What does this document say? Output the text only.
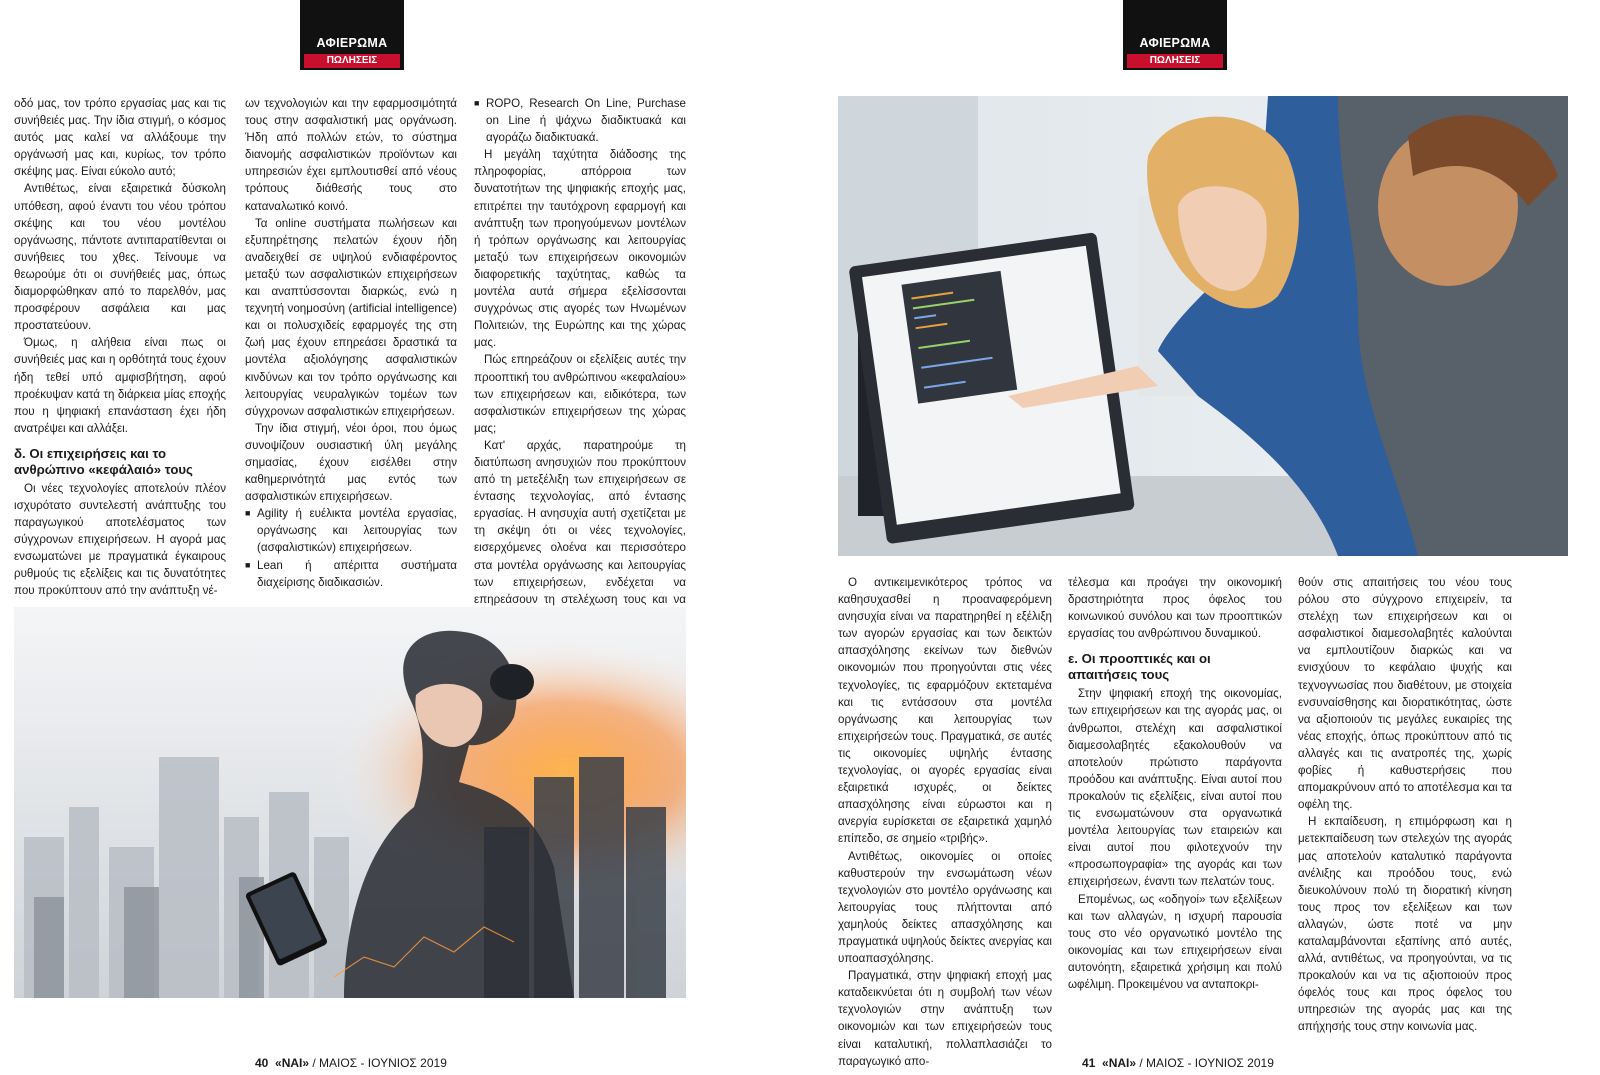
ΑΦΙΕΡΩΜΑ
ΠΩΛΗΣΕΙΣ

οδό μας, τον τρόπο εργασίας μας και τις συνήθειές μας. Την ίδια στιγμή, ο κόσμος αυτός μας καλεί να αλλάξουμε την οργάνωσή μας και, κυρίως, τον τρόπο σκέψης μας. Είναι εύκολο αυτό;

Αντιθέτως, είναι εξαιρετικά δύσκολη υπόθεση, αφού έναντι του νέου τρόπου σκέψης και του νέου μοντέλου οργάνωσης, πάντοτε αντιπαρατίθενται οι συνήθειες του χθες. Τείνουμε να θεωρούμε ότι οι συνήθειές μας, όπως διαμορφώθηκαν από το παρελθόν, μας προσφέρουν ασφάλεια και μας προστατεύουν.

Όμως, η αλήθεια είναι πως οι συνήθειές μας και η ορθότητά τους έχουν ήδη τεθεί υπό αμφισβήτηση, αφού προέκυψαν κατά τη διάρκεια μίας εποχής που η ψηφιακή επανάσταση έχει ήδη ανατρέψει και αλλάξει.

δ. Οι επιχειρήσεις και το ανθρώπινο «κεφάλαιό» τους

Οι νέες τεχνολογίες αποτελούν πλέον ισχυρότατο συντελεστή ανάπτυξης του παραγωγικού αποτελέσματος των σύγχρονων επιχειρήσεων. Η αγορά μας ενσωματώνει με πραγματικά έγκαιρους ρυθμούς τις εξελίξεις και τις δυνατότητες που προκύπτουν από την ανάπτυξη νέ-

ων τεχνολογιών και την εφαρμοσιμότητά τους στην ασφαλιστική μας οργάνωση. Ήδη από πολλών ετών, το σύστημα διανομής ασφαλιστικών προϊόντων και υπηρεσιών έχει εμπλουτισθεί από νέους τρόπους διάθεσής τους στο καταναλωτικό κοινό.

Τα online συστήματα πωλήσεων και εξυπηρέτησης πελατών έχουν ήδη αναδειχθεί σε υψηλού ενδιαφέροντος μεταξύ των ασφαλιστικών επιχειρήσεων και αναπτύσσονται διαρκώς, ενώ η τεχνητή νοημοσύνη (artificial intelligence) και οι πολυσχιδείς εφαρμογές της στη ζωή μας έχουν επηρεάσει δραστικά τα μοντέλα αξιολόγησης ασφαλιστικών κινδύνων και τον τρόπο οργάνωσης και λειτουργίας νευραλγικών τομέων των σύγχρονων ασφαλιστικών επιχειρήσεων.

Την ίδια στιγμή, νέοι όροι, που όμως συνοψίζουν ουσιαστική ύλη μεγάλης σημασίας, έχουν εισέλθει στην καθημερινότητά μας εντός των ασφαλιστικών επιχειρήσεων.

■ Agility ή ευέλικτα μοντέλα εργασίας, οργάνωσης και λειτουργίας των (ασφαλιστικών) επιχειρήσεων.
■ Lean ή απέριττα συστήματα διαχείρισης διαδικασιών.
■ ROPO, Research On Line, Purchase on Line ή ψάχνω διαδικτυακά και αγοράζω διαδικτυακά.

Η μεγάλη ταχύτητα διάδοσης της πληροφορίας, απόρροια των δυνατοτήτων της ψηφιακής εποχής μας, επιτρέπει την ταυτόχρονη εφαρμογή και ανάπτυξη των προηγούμενων μοντέλων ή τρόπων οργάνωσης και λειτουργίας μεταξύ των επιχειρήσεων οικονομιών διαφορετικής ταχύτητας, καθώς τα μοντέλα αυτά σήμερα εξελίσσονται συγχρόνως στις αγορές των Ηνωμένων Πολιτειών, της Ευρώπης και της χώρας μας.

Πώς επηρεάζουν οι εξελίξεις αυτές την προοπτική του ανθρώπινου «κεφαλαίου» των επιχειρήσεων και, ειδικότερα, των ασφαλιστικών επιχειρήσεων της χώρας μας;

Κατ' αρχάς, παρατηρούμε τη διατύπωση ανησυχιών που προκύπτουν από τη μετεξέλιξη των επιχειρήσεων σε έντασης τεχνολογίας, από έντασης εργασίας. Η ανησυχία αυτή σχετίζεται με τη σκέψη ότι οι νέες τεχνολογίες, εισερχόμενες ολοένα και περισσότερο στα μοντέλα οργάνωσης και λειτουργίας των επιχειρήσεων, ενδέχεται να επηρεάσουν τη στελέχωση τους και να

40 «ΝΑΙ» / ΜΑΙΟΣ - ΙΟΥΝΙΟΣ 2019
ΑΦΙΕΡΩΜΑ
ΠΩΛΗΣΕΙΣ

Ο αντικειμενικότερος τρόπος να καθησυχασθεί η προαναφερόμενη ανησυχία είναι να παρατηρηθεί η εξέλιξη των αγορών εργασίας και των δεικτών απασχόλησης εκείνων των διεθνών οικονομιών που προηγούνται στις νέες τεχνολογίες, τις εφαρμόζουν εκτεταμένα και τις εντάσσουν στα μοντέλα οργάνωσης και λειτουργίας των επιχειρήσεών τους. Πραγματικά, σε αυτές τις οικονομίες υψηλής έντασης τεχνολογίας, οι αγορές εργασίας είναι εξαιρετικά ισχυρές, οι δείκτες απασχόλησης είναι εύρωστοι και η ανεργία ευρίσκεται σε εξαιρετικά χαμηλό επίπεδο, σε σημείο «τριβής».

Αντιθέτως, οικονομίες οι οποίες καθυστερούν την ενσωμάτωση νέων τεχνολογιών στο μοντέλο οργάνωσης και λειτουργίας τους πλήττονται από χαμηλούς δείκτες απασχόλησης και πραγματικά υψηλούς δείκτες ανεργίας και υποαπασχόλησης.

Πραγματικά, στην ψηφιακή εποχή μας καταδεικνύεται ότι η συμβολή των νέων τεχνολογιών στην ανάπτυξη των οικονομιών και των επιχειρήσεών τους είναι καταλυτική, πολλαπλασιάζει το παραγωγικό απο-

τέλεσμα και προάγει την οικονομική δραστηριότητα προς όφελος του κοινωνικού συνόλου και των προοπτικών εργασίας του ανθρώπινου δυναμικού.

ε. Οι προοπτικές και οι απαιτήσεις τους

Στην ψηφιακή εποχή της οικονομίας, των επιχειρήσεων και της αγοράς μας, οι άνθρωποι, στελέχη και ασφαλιστικοί διαμεσολαβητές εξακολουθούν να αποτελούν πρώτιστο παράγοντα προόδου και ανάπτυξης. Είναι αυτοί που προκαλούν τις εξελίξεις, είναι αυτοί που τις ενσωματώνουν στα οργανωτικά μοντέλα λειτουργίας των εταιρειών και είναι αυτοί που φιλοτεχνούν την «προσωπογραφία» της αγοράς και των επιχειρήσεων, έναντι των πελατών τους.

Επομένως, ως «οδηγοί» των εξελίξεων και των αλλαγών, η ισχυρή παρουσία τους στο νέο οργανωτικό μοντέλο της οικονομίας και των επιχειρήσεων είναι αυτονόητη, εξαιρετικά χρήσιμη και πολύ ωφέλιμη. Προκειμένου να ανταποκρι-

θούν στις απαιτήσεις του νέου τους ρόλου στο σύγχρονο επιχειρείν, τα στελέχη των επιχειρήσεων και οι ασφαλιστικοί διαμεσολαβητές καλούνται να εμπλουτίζουν διαρκώς και να ενισχύουν το κεφάλαιο ψυχής και τεχνογνωσίας που διαθέτουν, με στοιχεία ενσυναίσθησης και διορατικότητας, ώστε να αξιοποιούν τις μεγάλες ευκαιρίες της νέας εποχής, όπως προκύπτουν από τις αλλαγές και τις ανατροπές της, χωρίς φοβίες ή καθυστερήσεις που απομακρύνουν από το αποτέλεσμα και τα οφέλη της.

Η εκπαίδευση, η επιμόρφωση και η μετεκπαίδευση των στελεχών της αγοράς μας αποτελούν καταλυτικό παράγοντα ανέλιξης και προόδου τους, ενώ διευκολύνουν πολύ τη διορατική κίνηση τους προς τον εξελίξεων και των αλλαγών, ώστε ποτέ να μην καταλαμβάνονται εξαπίνης από αυτές, αλλά, αντιθέτως, να προηγούνται, να τις προκαλούν και να τις αξιοποιούν προς όφελός τους και προς όφελος του υπηρεσιών της αγοράς μας και της απήχησής τους στην κοινωνία μας.

41 «ΝΑΙ» / ΜΑΙΟΣ - ΙΟΥΝΙΟΣ 2019
